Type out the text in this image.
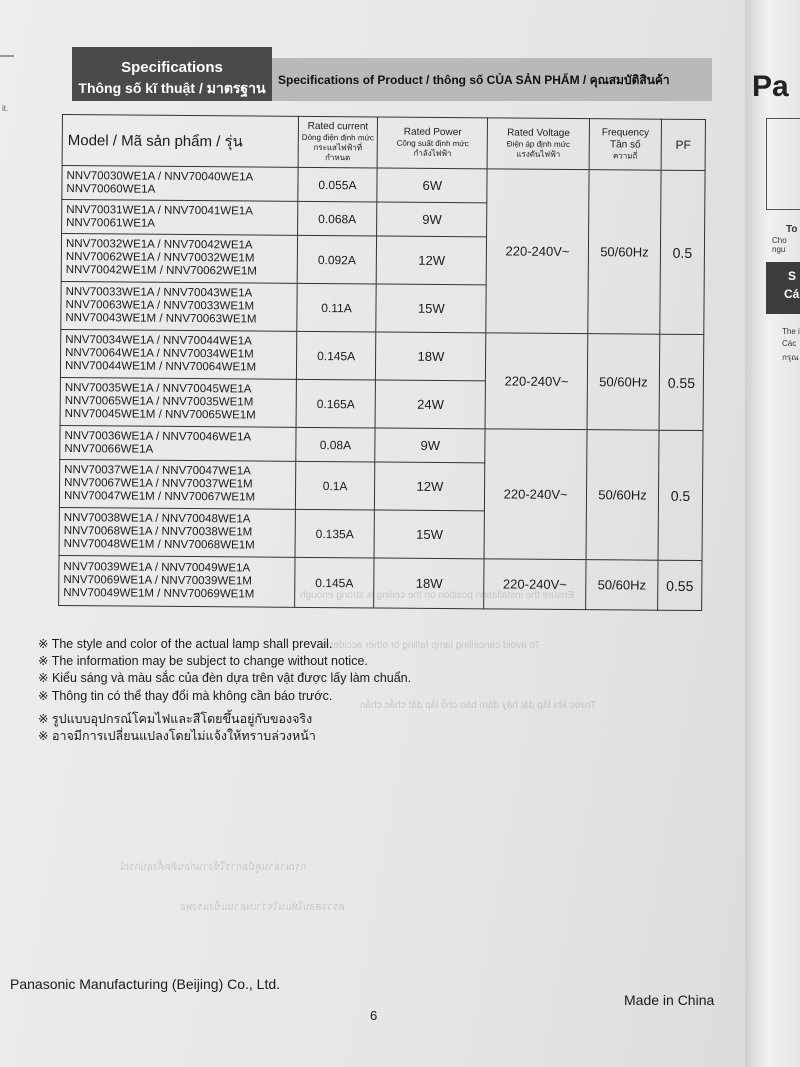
it.
Ensure the installation position on the ceiling is strong enough
To avoid cancelling lamp falling or other accidents
Trước khi lắp đặt hãy đảm bảo chỗ lắp đặt chắc chắn
กรุณาอ่านคู่มือการใช้งานก่อนติดตั้งอุปกรณ์
ตรวจสอบให้แน่ใจว่าเพดานแข็งแรงพอ
Specifications
Thông số kĩ thuật / มาตรฐาน	Specifications of Product / thông số CỦA SẢN PHẨM / คุณสมบัติสินค้า
Model / Mã sản phẩm / รุ่น	Rated current
Dòng điện định mức
กระแสไฟฟ้าที่กำหนด	Rated Power
Công suất định mức
กำลังไฟฟ้า	Rated Voltage
Điện áp định mức
แรงดันไฟฟ้า	Frequency
Tần số
ความถี่	PF

NNV70030WE1A / NNV70040WE1A
NNV70060WE1A	0.055A	6W	220-240V~	50/60Hz	0.5

NNV70031WE1A / NNV70041WE1A
NNV70061WE1A	0.068A	9W			

NNV70032WE1A / NNV70042WE1A
NNV70062WE1A / NNV70032WE1M
NNV70042WE1M / NNV70062WE1M	0.092A	12W			

NNV70033WE1A / NNV70043WE1A
NNV70063WE1A / NNV70033WE1M
NNV70043WE1M / NNV70063WE1M	0.11A	15W			

NNV70034WE1A / NNV70044WE1A
NNV70064WE1A / NNV70034WE1M
NNV70044WE1M / NNV70064WE1M	0.145A	18W	220-240V~	50/60Hz	0.55

NNV70035WE1A / NNV70045WE1A
NNV70065WE1A / NNV70035WE1M
NNV70045WE1M / NNV70065WE1M	0.165A	24W			

NNV70036WE1A / NNV70046WE1A
NNV70066WE1A	0.08A	9W	220-240V~	50/60Hz	0.5

NNV70037WE1A / NNV70047WE1A
NNV70067WE1A / NNV70037WE1M
NNV70047WE1M / NNV70067WE1M	0.1A	12W			

NNV70038WE1A / NNV70048WE1A
NNV70068WE1A / NNV70038WE1M
NNV70048WE1M / NNV70068WE1M	0.135A	15W			

NNV70039WE1A / NNV70049WE1A
NNV70069WE1A / NNV70039WE1M
NNV70049WE1M / NNV70069WE1M	0.145A	18W	220-240V~	50/60Hz	0.55
※ The style and color of the actual lamp shall prevail.
※ The information may be subject to change without notice.
※ Kiểu sáng và màu sắc của đèn dựa trên vật được lấy làm chuẩn.
※ Thông tin có thể thay đổi mà không cần báo trước.
※ รูปแบบอุปกรณ์โคมไฟและสีโดยขึ้นอยู่กับของจริง
※ อาจมีการเปลี่ยนแปลงโดยไม่แจ้งให้ทราบล่วงหน้า
Panasonic Manufacturing (Beijing) Co., Ltd.
Made in China
6
Pa
To
Cho ngu
S
Cá
The i
Các
กรุณ
